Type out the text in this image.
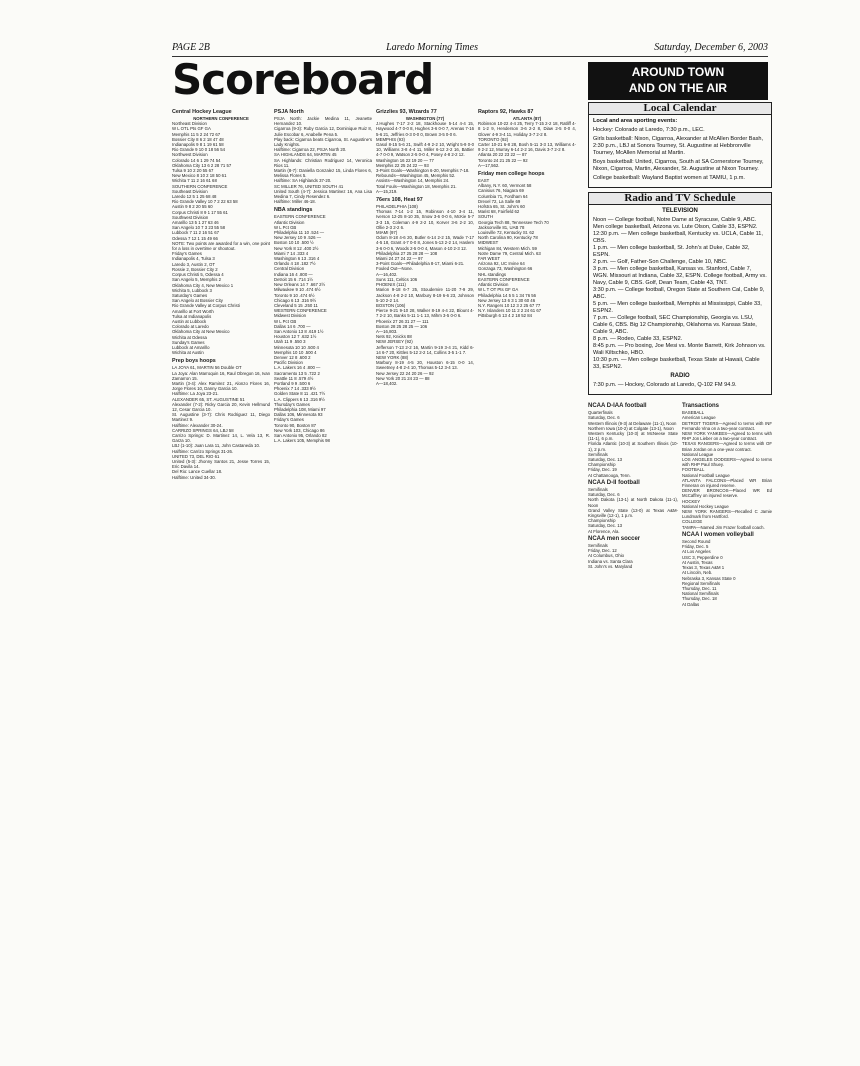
PAGE 2B	Laredo Morning Times	Saturday, December 6, 2003
Scoreboard	AROUND TOWN
AND ON THE AIR
Central Hockey League
NORTHERN CONFERENCE
Northeast Division
W L OTL Pts GF GA
Memphis 11 5 2 24 72 67
Bossier City 8 6 2 18 47 48
Indianapolis 9 8 1 19 61 58
Rio Grande 9 10 0 18 56 54
Northwest Division
Colorado 14 6 1 29 74 54
Oklahoma City 13 6 2 28 71 57
Tulsa 9 10 2 20 55 67
New Mexico 8 10 2 18 50 61
Wichita 7 11 2 16 61 68
SOUTHERN CONFERENCE
Southeast Division
Laredo 12 5 1 25 68 48
Rio Grande Valley 10 7 2 22 63 58
Austin 9 8 2 20 55 60
Corpus Christi 8 9 1 17 55 61
Southwest Division
Amarillo 13 5 1 27 63 46
San Angelo 10 7 3 23 55 58
Lubbock 7 11 2 16 51 67
Odessa 7 12 1 15 49 66
NOTE: Two points are awarded for a win, one point for a loss in overtime or shootout.
Friday's Games
Indianapolis 4, Tulsa 3
Laredo 3, Austin 2, OT
Rossie 2, Bossier City 2
Corpus Christi 5, Odessa 4
San Angelo 5, Memphis 2
Oklahoma City 4, New Mexico 1
Wichita 5, Lubbock 3
Saturday's Games
San Angelo at Bossier City
Rio Grande Valley at Corpus Christi
Amarillo at Fort Worth
Tulsa at Indianapolis
Austin at Lubbock
Colorado at Laredo
Oklahoma City at New Mexico
Wichita at Odessa
Sunday's Games
Lubbock at Amarillo
Wichita at Austin
Prep boys hoops
LA JOYA 61, MARTIN 56 Double OT
La Joya: Alan Marroquin 16, Raul Obregon 16, Ivan Zamarron 15.
Martin (3-4): Alex Ramirez 21, Alonzo Flores 16, Jorge Flores 10, Danny Garcia 10.
Halftime: La Joya 23-21.
ALEXANDER 65, ST. AUGUSTINE 51
Alexander (7-2): Ricky Garcia 20, Kevin Hellmund 12, Cesar Garcia 10.
St. Augustine (3-7): Chris Rodriguez 11, Diego Martinez 9.
Halftime: Alexander 30-24.
CARRIZO SPRINGS 64, LBJ 58
Carrizo Springs: D. Martinez 14, L. Vela 13, R. Garza 10.
LBJ (1-10): Juan Lara 11, John Castaneda 10.
Halftime: Carrizo Springs 31-26.
UNITED 73, DEL RIO 61
United (5-3): Jhonny Santos 21, Jesse Torres 15, Eric Davila 14.
Del Rio: Lance Cuellar 18.
Halftime: United 34-30.
PSJA North
PSJA North: Jackie Medina 11, Jeanette Hernandez 10.
Cigarroa (9-3): Ruby Garcia 12, Dominique Ruiz 8, Julie Escobar 6, Anabelle Pena 5.
Play back: Cigarroa beats Cigarroa, St. Augustine's Lady Knights.
Halftime: Cigarroa 22, PSJA North 20.
SA HIGHLANDS 64, MARTIN 45
SA Highlands: Christian Rodriguez 14, Veronica Rios 11.
Martin (8-7): Daniella Gonzalez 15, Linda Flores 6, Melissa Flores 5.
Halftime: SA Highlands 37-20.
SC MILLER 76, UNITED SOUTH 41
United South (4-7): Jessica Martinez 16, Ana Lisa Medina 7, Cindy Resendez 6.
Halftime: Miller 46-18.
NBA standings
EASTERN CONFERENCE
Atlantic Division
W L Pct GB
Philadelphia 11 10 .524 —
New Jersey 10 9 .526 —
Boston 10 10 .500 ½
New York 8 12 .400 2½
Miami 7 14 .333 4
Washington 6 13 .316 4
Orlando 4 18 .182 7½
Central Division
Indiana 16 4 .800 —
Detroit 15 6 .714 1½
New Orleans 14 7 .667 2½
Milwaukee 9 10 .474 6½
Toronto 9 10 .474 6½
Chicago 6 13 .316 9½
Cleveland 5 15 .250 11
WESTERN CONFERENCE
Midwest Division
W L Pct GB
Dallas 14 6 .700 —
San Antonio 13 8 .619 1½
Houston 12 7 .632 1½
Utah 11 9 .550 3
Minnesota 10 10 .500 4
Memphis 10 10 .500 4
Denver 12 8 .600 2
Pacific Division
L.A. Lakers 16 4 .800 —
Sacramento 13 5 .722 2
Seattle 11 8 .579 4½
Portland 9 9 .500 6
Phoenix 7 14 .333 9½
Golden State 8 11 .421 7½
L.A. Clippers 6 13 .316 9½
Thursday's Games
Philadelphia 108, Miami 97
Dallas 106, Minnesota 93
Friday's Games
Toronto 90, Boston 87
New York 103, Chicago 86
San Antonio 95, Orlando 82
L.A. Lakers 105, Memphis 98
Grizzlies 93, Wizards 77
WASHINGTON (77)
J.Hughes 7-17 2-2 18, Stackhouse 5-14 4-4 15, Haywood 4-7 0-0 8, Hughes 3-6 0-0 7, Arenas 7-16 5-6 21, Jeffries 0-3 0-0 0, Brown 3-5 0-0 6.
MEMPHIS (93)
Gasol 8-15 5-6 21, Swift 4-9 2-2 10, Wright 5-9 0-0 10, Williams 3-8 4-4 11, Miller 6-12 2-2 16, Battier 4-7 0-0 9, Watson 2-5 0-0 4, Posey 4-8 2-2 12.
Washington 16 22 19 20 — 77
Memphis 22 25 24 22 — 93
3-Point Goals—Washington 6-20, Memphis 7-18.
Rebounds—Washington 45, Memphis 52.
Assists—Washington 14, Memphis 24.
Total Fouls—Washington 18, Memphis 21.
A—15,219.
76ers 108, Heat 97
PHILADELPHIA (108)
Thomas 7-14 1-2 15, Robinson 4-10 3-4 11, Iverson 12-25 8-10 35, Snow 3-6 0-0 6, McKie 5-7 3-3 15, Coleman 4-9 2-2 10, Korver 3-6 2-2 10, Ollie 2-3 2-2 6.
MIAMI (97)
Odom 8-18 4-6 20, Butler 6-14 2-2 15, Wade 7-17 4-5 18, Grant 4-7 0-0 8, Jones 5-13 2-2 14, Haslem 3-6 0-0 6, Woods 2-5 0-0 4, Mason 4-10 2-3 12.
Philadelphia 27 25 28 28 — 108
Miami 24 27 24 22 — 97
3-Point Goals—Philadelphia 8-17, Miami 6-21.
Fouled Out—None.
A—16,402.
Suns 111, Celtics 106
PHOENIX (111)
Marion 9-18 6-7 25, Stoudemire 11-20 7-9 29, Jackson 4-8 2-2 10, Marbury 8-19 6-6 23, Johnson 5-10 2-2 14.
BOSTON (106)
Pierce 9-21 9-10 28, Walker 8-19 4-4 22, Blount 4-7 2-2 10, Banks 5-11 1-1 13, Mihm 3-5 0-0 6.
Phoenix 27 26 31 27 — 111
Boston 28 25 28 25 — 106
A—16,803.
Nets 92, Knicks 88
NEW JERSEY (92)
Jefferson 7-13 2-2 16, Martin 9-19 3-4 21, Kidd 6-14 6-7 20, Kittles 5-12 2-2 14, Collins 3-5 1-1 7.
NEW YORK (88)
Marbury 8-19 4-5 20, Houston 6-15 0-0 14, Sweetney 4-8 2-4 10, Thomas 5-12 3-4 13.
New Jersey 22 24 20 26 — 92
New York 20 21 24 23 — 88
A—18,402.
Raptors 92, Hawks 87
ATLANTA (87)
Robinson 10-22 4-4 25, Terry 7-15 2-2 18, Ratliff 4-8 1-2 9, Henderson 3-6 2-2 8, Diaw 2-5 0-0 4, Glover 4-9 3-4 11, Holiday 3-7 2-2 8.
TORONTO (92)
Carter 10-21 6-8 28, Bosh 5-11 3-3 13, Williams 4-9 2-2 12, Murray 6-14 2-2 16, Davis 3-7 2-2 8.
Atlanta 20 22 23 22 — 87
Toronto 24 21 25 22 — 92
A—17,562.
Friday men college hoops
EAST
Albany, N.Y. 60, Vermont 58
Canisius 76, Niagara 69
Columbia 71, Fordham 64
Drexel 72, La Salle 69
Hofstra 65, St. John's 60
Marist 68, Fairfield 62
SOUTH
Georgia Tech 88, Tennessee Tech 70
Jacksonville 81, UAB 78
Louisville 72, Kentucky St. 62
North Carolina 90, Kentucky 78
MIDWEST
Michigan 84, Western Mich. 59
Notre Dame 79, Central Mich. 63
FAR WEST
Arizona 92, UC Irvine 64
Gonzaga 73, Washington 66
NHL standings
EASTERN CONFERENCE
Atlantic Division
W L T OT Pts GF GA
Philadelphia 14 5 5 1 34 76 56
New Jersey 13 6 3 1 30 60 46
N.Y. Rangers 10 12 3 2 25 67 77
N.Y. Islanders 10 11 2 2 24 61 67
Pittsburgh 6 13 4 2 18 52 84
Local Calendar

Local and area sporting events:

Hockey: Colorado at Laredo, 7:30 p.m., LEC.

Girls basketball: Nixon, Cigarroa, Alexander at McAllen Border Bash, 2:30 p.m., LBJ at Sonora Tourney, St. Augustine at Hebbronville Tourney, McAllen Memorial at Martin.

Boys basketball: United, Cigarroa, South at SA Cornerstone Tourney, Nixon, Cigarroa, Martin, Alexander, St. Augustine at Nixon Tourney.

College basketball: Wayland Baptist women at TAMIU, 1 p.m.

Radio and TV Schedule
TELEVISION

Noon — College football, Notre Dame at Syracuse, Cable 9, ABC. Men college basketball, Arizona vs. Lute Olson, Cable 33, ESPN2.
12:30 p.m. — Men college basketball, Kentucky vs. UCLA, Cable 11, CBS.
1 p.m. — Men college basketball, St. John's at Duke, Cable 32, ESPN.
2 p.m. — Golf, Father-Son Challenge, Cable 10, NBC.
3 p.m. — Men college basketball, Kansas vs. Stanford, Cable 7, WGN. Missouri at Indiana, Cable 32, ESPN. College football, Army vs. Navy, Cable 9, CBS. Golf, Dean Team, Cable 43, TNT.
3:30 p.m. — College football, Oregon State at Southern Cal, Cable 9, ABC.
5 p.m. — Men college basketball, Memphis at Mississippi, Cable 33, ESPN2.
7 p.m. — College football, SEC Championship, Georgia vs. LSU, Cable 6, CBS. Big 12 Championship, Oklahoma vs. Kansas State, Cable 9, ABC.
8 p.m. — Rodeo, Cable 33, ESPN2.
8:45 p.m. — Pro boxing, Joe Mesi vs. Monte Barrett, Kirk Johnson vs. Wali Kiltschko, HBO.
10:30 p.m. — Men college basketball, Texas State at Hawaii, Cable 33, ESPN2.

RADIO

7:30 p.m. — Hockey, Colorado at Laredo, Q-102 FM 94.9.

NCAA D-IAA football
Quarterfinals
Saturday, Dec. 6
Western Illinois (9-3) at Delaware (11-1), Noon
Northern Iowa (10-2) at Colgate (13-1), Noon
Western Kentucky (10-3) at McNeese State (11-1), 6 p.m.
Florida Atlantic (10-3) at Southern Illinois (10-1), 2 p.m.
Semifinals
Saturday, Dec. 13
Championship
Friday, Dec. 19
At Chattanooga, Tenn.
NCAA D-II football
Semifinals
Saturday, Dec. 6
North Dakota (13-1) at North Dakota (11-1), Noon
Grand Valley State (13-0) at Texas A&M-Kingsville (12-1), 1 p.m.
Championship
Saturday, Dec. 13
At Florence, Ala.
NCAA men soccer
Semifinals
Friday, Dec. 12
At Columbus, Ohio
Indiana vs. Santa Clara
St. John's vs. Maryland
Transactions
BASEBALL
American League
DETROIT TIGERS—Agreed to terms with INF Fernando Vina on a two-year contract.
NEW YORK YANKEES—Agreed to terms with RHP Jon Lieber on a two-year contract.
TEXAS RANGERS—Agreed to terms with OF Brian Jordan on a one-year contract.
National League
LOS ANGELES DODGERS—Agreed to terms with RHP Paul Shuey.
FOOTBALL
National Football League
ATLANTA FALCONS—Placed WR Brian Finneran on injured reserve.
DENVER BRONCOS—Placed WR Ed McCaffrey on injured reserve.
HOCKEY
National Hockey League
NEW YORK RANGERS—Recalled C Jamie Lundmark from Hartford.
COLLEGE
TAMPA—Named Jim Frazer football coach.
NCAA I women volleyball
Second Round
Friday, Dec. 5
At Los Angeles
USC 3, Pepperdine 0
At Austin, Texas
Texas 3, Texas A&M 1
At Lincoln, Neb.
Nebraska 3, Kansas State 0
Regional Semifinals
Thursday, Dec. 11
National Semifinals
Thursday, Dec. 18
At Dallas
